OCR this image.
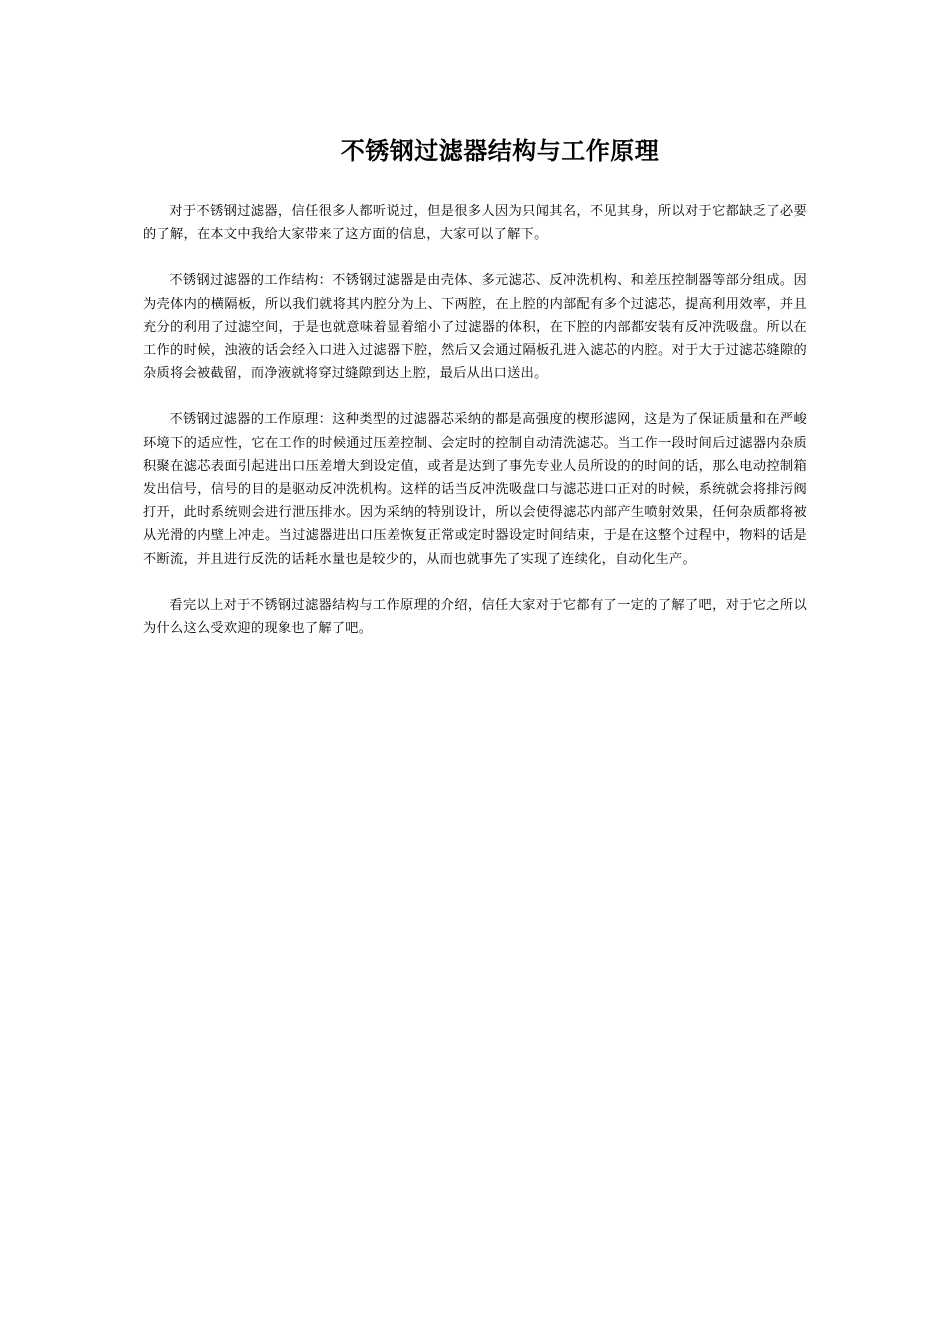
不锈钢过滤器结构与工作原理

对于不锈钢过滤器，信任很多人都听说过，但是很多人因为只闻其名，不见其身，所以对于它都缺乏了必要的了解，在本文中我给大家带来了这方面的信息，大家可以了解下。

不锈钢过滤器的工作结构：不锈钢过滤器是由壳体、多元滤芯、反冲洗机构、和差压控制器等部分组成。因为壳体内的横隔板，所以我们就将其内腔分为上、下两腔，在上腔的内部配有多个过滤芯，提高利用效率，并且充分的利用了过滤空间，于是也就意味着显着缩小了过滤器的体积，在下腔的内部都安装有反冲洗吸盘。所以在工作的时候，浊液的话会经入口进入过滤器下腔，然后又会通过隔板孔进入滤芯的内腔。对于大于过滤芯缝隙的杂质将会被截留，而净液就将穿过缝隙到达上腔，最后从出口送出。

不锈钢过滤器的工作原理：这种类型的过滤器芯采纳的都是高强度的楔形滤网，这是为了保证质量和在严峻环境下的适应性，它在工作的时候通过压差控制、会定时的控制自动清洗滤芯。当工作一段时间后过滤器内杂质积聚在滤芯表面引起进出口压差增大到设定值，或者是达到了事先专业人员所设的的时间的话，那么电动控制箱发出信号，信号的目的是驱动反冲洗机构。这样的话当反冲洗吸盘口与滤芯进口正对的时候，系统就会将排污阀打开，此时系统则会进行泄压排水。因为采纳的特别设计，所以会使得滤芯内部产生喷射效果，任何杂质都将被从光滑的内壁上冲走。当过滤器进出口压差恢复正常或定时器设定时间结束，于是在这整个过程中，物料的话是不断流，并且进行反洗的话耗水量也是较少的，从而也就事先了实现了连续化，自动化生产。

看完以上对于不锈钢过滤器结构与工作原理的介绍，信任大家对于它都有了一定的了解了吧，对于它之所以为什么这么受欢迎的现象也了解了吧。
